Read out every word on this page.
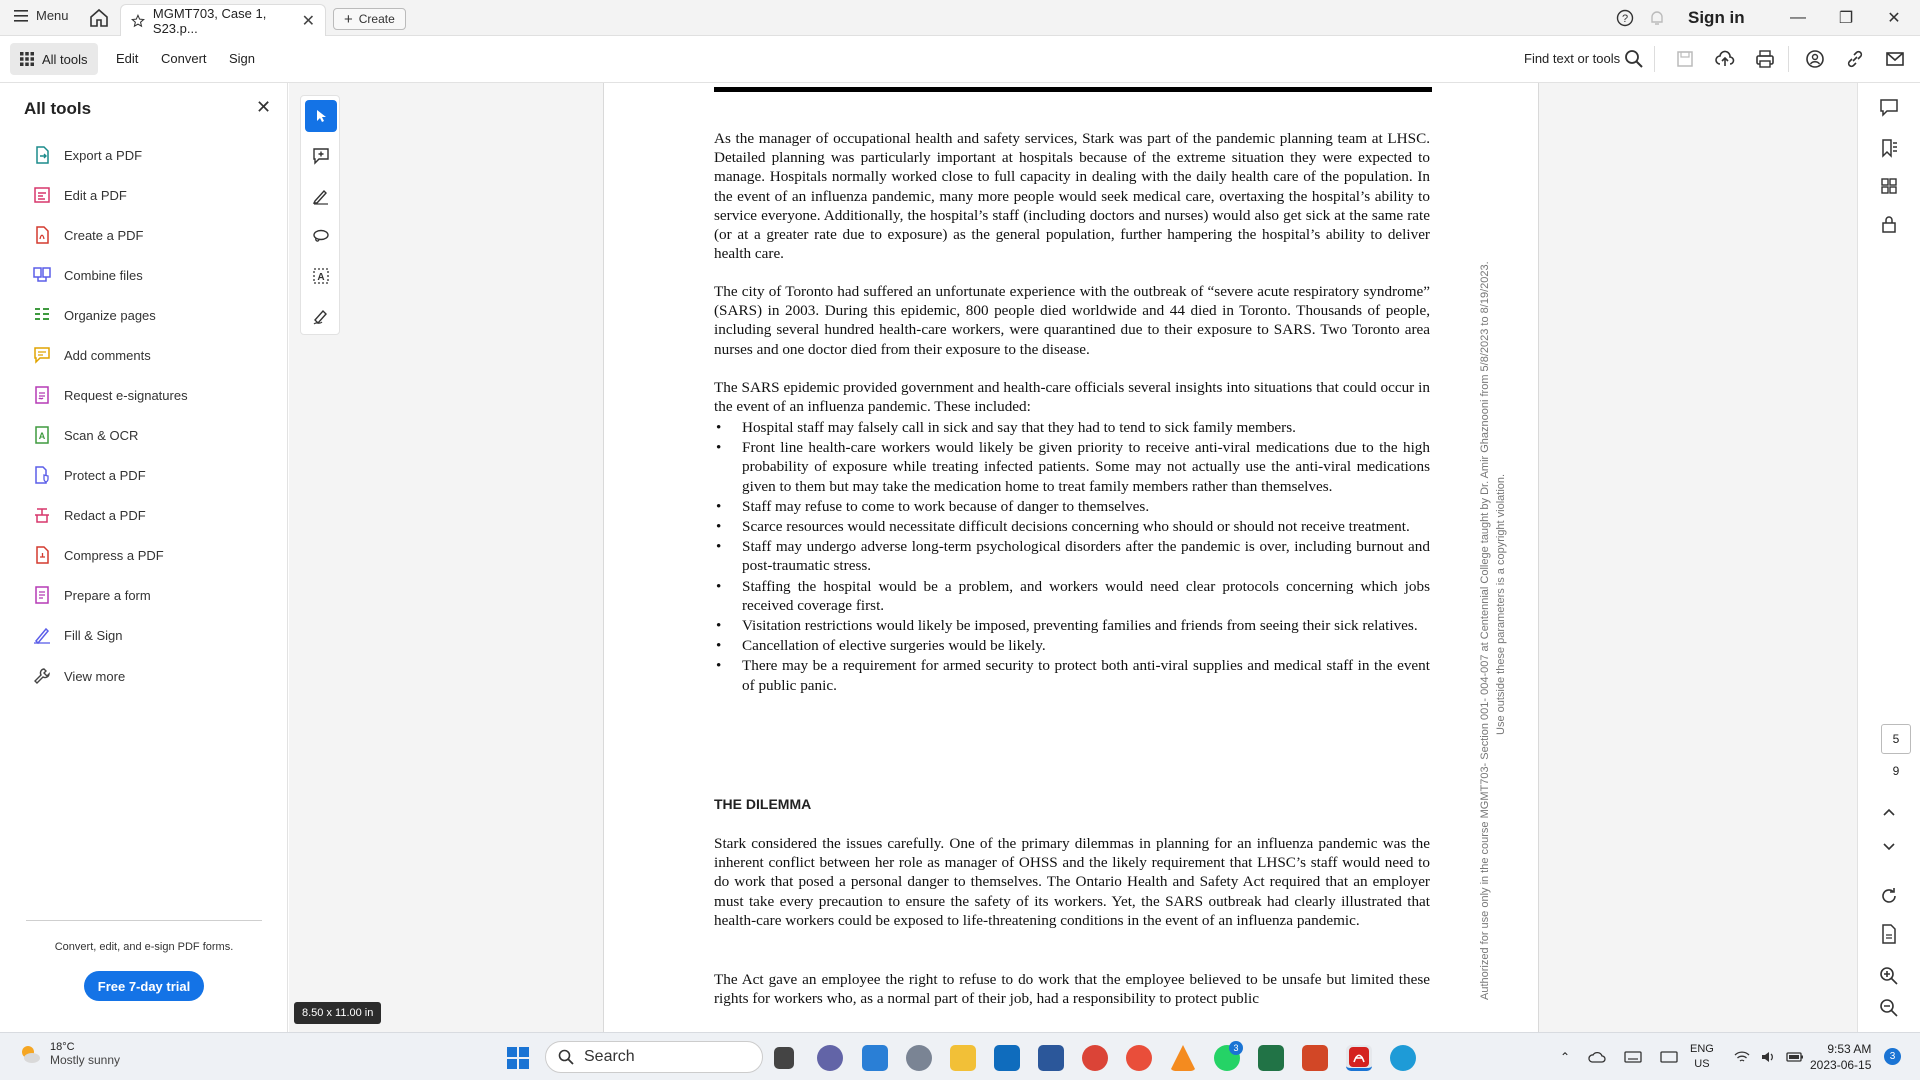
Menu	MGMT703, Case 1, S23.p...	✕ + Create	?	Sign in	—	❐	✕
All tools Edit Convert Sign	Find text or tools
All tools	✕
Export a PDF
Edit a PDF
Create a PDF
Combine files
Organize pages
Add comments
Request e-signatures
A Scan & OCR
Protect a PDF
Redact a PDF
Compress a PDF
Prepare a form
Fill & Sign
View more
Convert, edit, and e-sign PDF forms.
Free 7-day trial
A
8.50 x 11.00 in
As the manager of occupational health and safety services, Stark was part of the pandemic planning team at LHSC. Detailed planning was particularly important at hospitals because of the extreme situation they were expected to manage. Hospitals normally worked close to full capacity in dealing with the daily health care of the population. In the event of an influenza pandemic, many more people would seek medical care, overtaxing the hospital’s ability to service everyone. Additionally, the hospital’s staff (including doctors and nurses) would also get sick at the same rate (or at a greater rate due to exposure) as the general population, further hampering the hospital’s ability to deliver health care.
The city of Toronto had suffered an unfortunate experience with the outbreak of “severe acute respiratory syndrome” (SARS) in 2003. During this epidemic, 800 people died worldwide and 44 died in Toronto. Thousands of people, including several hundred health-care workers, were quarantined due to their exposure to SARS. Two Toronto area nurses and one doctor died from their exposure to the disease.
The SARS epidemic provided government and health-care officials several insights into situations that could occur in the event of an influenza pandemic. These included:
• Hospital staff may falsely call in sick and say that they had to tend to sick family members.
• Front line health-care workers would likely be given priority to receive anti-viral medications due to the high probability of exposure while treating infected patients. Some may not actually use the anti-viral medications given to them but may take the medication home to treat family members rather than themselves.
• Staff may refuse to come to work because of danger to themselves.
• Scarce resources would necessitate difficult decisions concerning who should or should not receive treatment.
• Staff may undergo adverse long-term psychological disorders after the pandemic is over, including burnout and post-traumatic stress.
• Staffing the hospital would be a problem, and workers would need clear protocols concerning which jobs received coverage first.
• Visitation restrictions would likely be imposed, preventing families and friends from seeing their sick relatives.
• Cancellation of elective surgeries would be likely.
• There may be a requirement for armed security to protect both anti-viral supplies and medical staff in the event of public panic.
THE DILEMMA
Stark considered the issues carefully. One of the primary dilemmas in planning for an influenza pandemic was the inherent conflict between her role as manager of OHSS and the likely requirement that LHSC’s staff would need to do work that posed a personal danger to themselves. The Ontario Health and Safety Act required that an employer must take every precaution to ensure the safety of its workers. Yet, the SARS outbreak had clearly illustrated that health-care workers could be exposed to life-threatening conditions in the event of an influenza pandemic.
The Act gave an employee the right to refuse to do work that the employee believed to be unsafe but limited these rights for workers who, as a normal part of their job, had a responsibility to protect public	Authorized for use only in the course MGMT703- Section 001- 004-007 at Centennial College taught by Dr. Amir Ghaznooni from 5/8/2023 to 8/19/2023. Use outside these parameters is a copyright violation.
5
9
18°C
Mostly sunny	Search	3
⌃
ENG
US
9:53 AM
2023-06-15
3
